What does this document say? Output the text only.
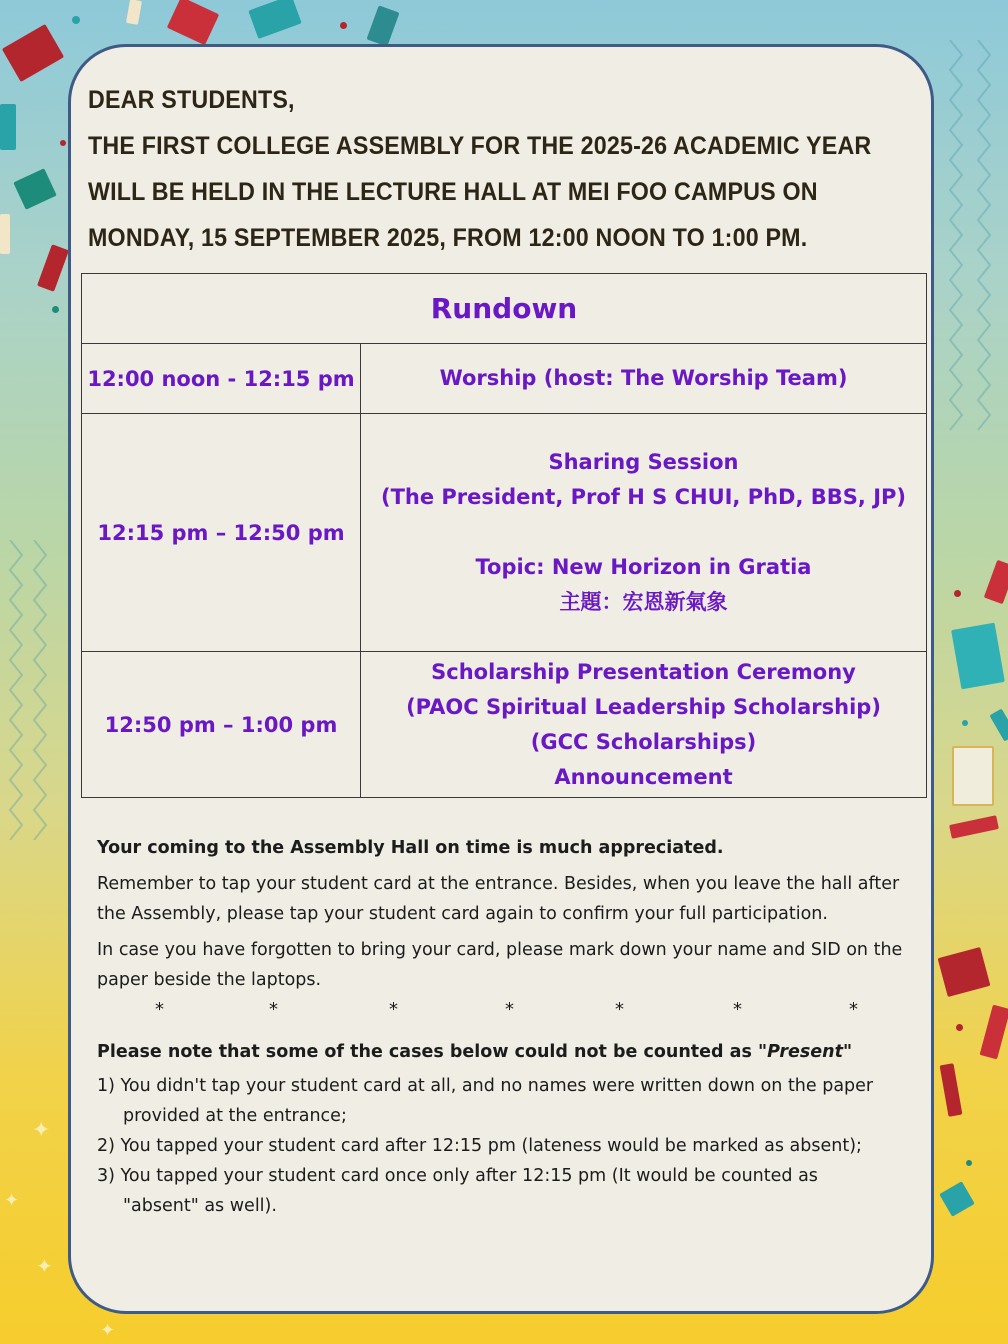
✦
✦
✦
✦
DEAR STUDENTS,
THE FIRST COLLEGE ASSEMBLY FOR THE 2025-26 ACADEMIC YEAR
WILL BE HELD IN THE LECTURE HALL AT MEI FOO CAMPUS ON
MONDAY, 15 SEPTEMBER 2025, FROM 12:00 NOON TO 1:00 PM.
Rundown	
12:00 noon - 12:15 pm	Worship (host: The Worship Team)

12:15 pm – 12:50 pm	Sharing Session
(The President, Prof H S CHUI, PhD, BBS, JP)
Topic: New Horizon in Gratia
主題：宏恩新氣象

12:50 pm – 1:00 pm	Scholarship Presentation Ceremony
(PAOC Spiritual Leadership Scholarship)
(GCC Scholarships)
Announcement

Your coming to the Assembly Hall on time is much appreciated.

Remember to tap your student card at the entrance. Besides, when you leave the hall after the Assembly, please tap your student card again to confirm your full participation.

In case you have forgotten to bring your card, please mark down your name and SID on the paper beside the laptops.

*	*	*	*	*	*	*

Please note that some of the cases below could not be counted as "Present"

1) You didn't tap your student card at all, and no names were written down on the paper provided at the entrance;

2) You tapped your student card after 12:15 pm (lateness would be marked as absent);

3) You tapped your student card once only after 12:15 pm (It would be counted as "absent" as well).
